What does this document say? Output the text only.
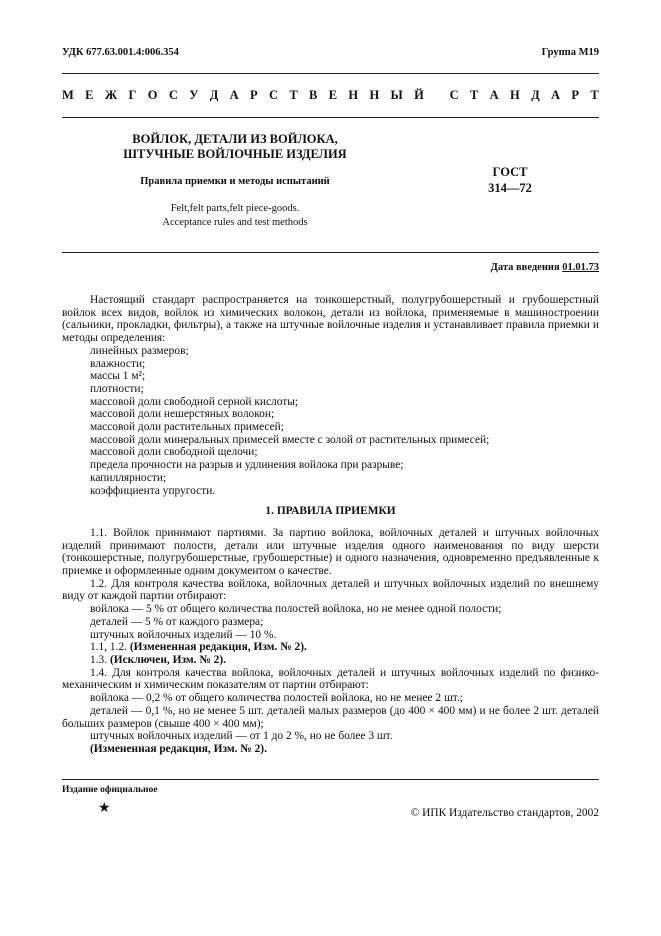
УДК 677.63.001.4:006.354	Группа М19
М Е Ж Г О С У Д А Р С Т В Е Н Н Ы Й
С Т А Н Д А Р Т
ВОЙЛОК, ДЕТАЛИ ИЗ ВОЙЛОКА,
ШТУЧНЫЕ ВОЙЛОЧНЫЕ ИЗДЕЛИЯ
Правила приемки и методы испытаний
Felt,felt parts,felt pieсe-goods.
Acceptance rules and test methods
ГОСТ
314—72
Дата введения 01.01.73

Настоящий стандарт распространяется на тонкошерстный, полугрубошерстный и грубошерстный войлок всех видов, войлок из химических волокон, детали из войлока, применяемые в машиностроении (сальники, прокладки, фильтры), а также на штучные войлочные изделия и устанавливает правила приемки и методы определения:

линейных размеров;

влажности;

массы 1 м²;

плотности;

массовой доли свободной серной кислоты;

массовой доли нешерстяных волокон;

массовой доли растительных примесей;

массовой доли минеральных примесей вместе с золой от растительных примесей;

массовой доли свободной щелочи;

предела прочности на разрыв и удлинения войлока при разрыве;

капиллярности;

коэффициента упругости.

1. ПРАВИЛА ПРИЕМКИ

1.1. Войлок принимают партиями. За партию войлока, войлочных деталей и штучных войлочных изделий принимают полости, детали или штучные изделия одного наименования по виду шерсти (тонкошерстные, полугрубошерстные, грубошерстные) и одного назначения, одновременно предъявленные к приемке и оформленные одним документом о качестве.

1.2. Для контроля качества войлока, войлочных деталей и штучных войлочных изделий по внешнему виду от каждой партии отбирают:

войлока — 5 % от общего количества полостей войлока, но не менее одной полости;

деталей — 5 % от каждого размера;

штучных войлочных изделий — 10 %.

1.1, 1.2. (Измененная редакция, Изм. № 2).

1.3. (Исключен, Изм. № 2).

1.4. Для контроля качества войлока, войлочных деталей и штучных войлочных изделий по физико-механическим и химическим показателям от партии отбирают:

войлока — 0,2 % от общего количества полостей войлока, но не менее 2 шт.;

деталей — 0,1 %, но не менее 5 шт. деталей малых размеров (до 400 × 400 мм) и не более 2 шт. деталей больших размеров (свыше 400 × 400 мм);

штучных войлочных изделий — от 1 до 2 %, но не более 3 шт.

(Измененная редакция, Изм. № 2).

Издание официальное
★	© ИПК Издательство стандартов, 2002
